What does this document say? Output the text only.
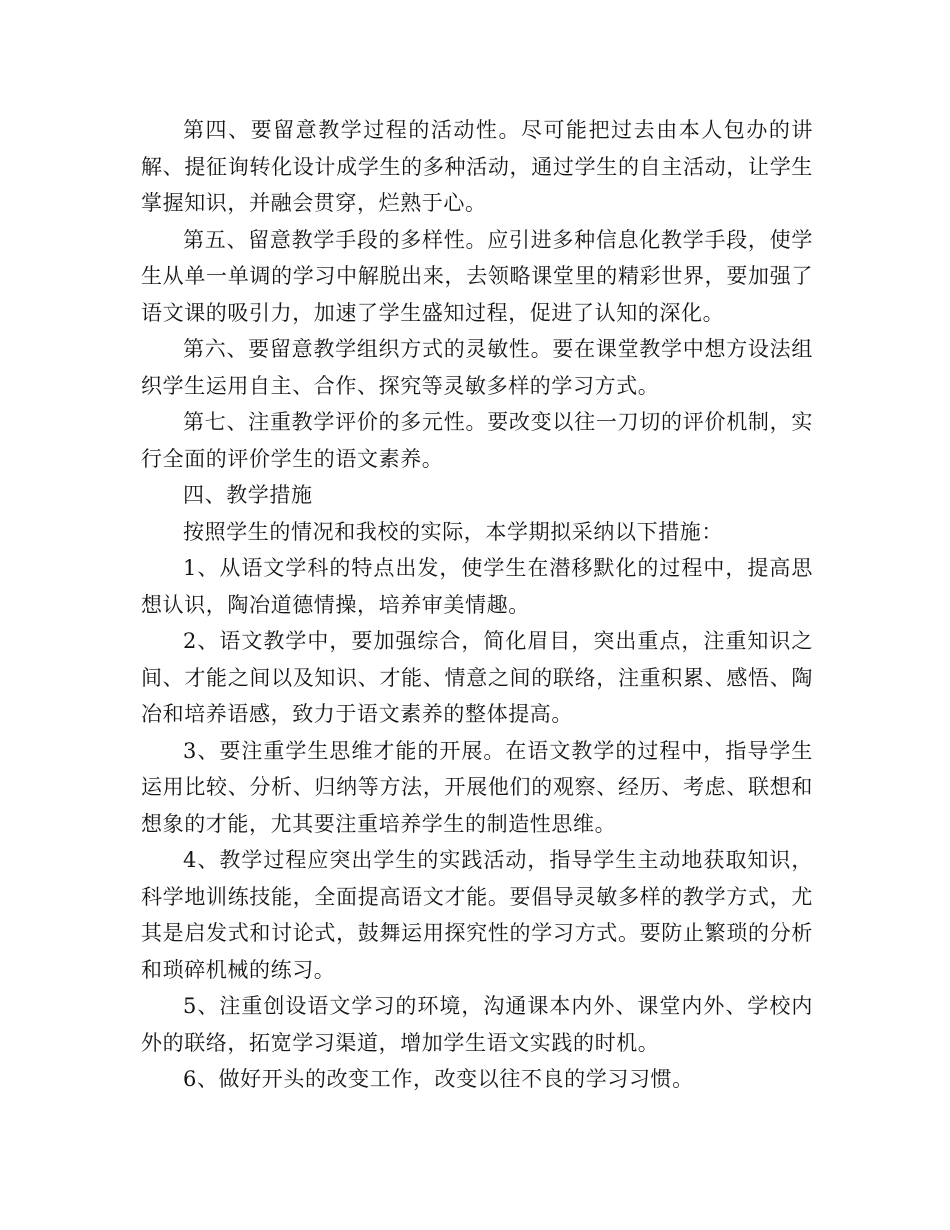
第四、要留意教学过程的活动性。尽可能把过去由本人包办的讲解、提征询转化设计成学生的多种活动，通过学生的自主活动，让学生掌握知识，并融会贯穿，烂熟于心。

第五、留意教学手段的多样性。应引进多种信息化教学手段，使学生从单一单调的学习中解脱出来，去领略课堂里的精彩世界，要加强了语文课的吸引力，加速了学生盛知过程，促进了认知的深化。

第六、要留意教学组织方式的灵敏性。要在课堂教学中想方设法组织学生运用自主、合作、探究等灵敏多样的学习方式。

第七、注重教学评价的多元性。要改变以往一刀切的评价机制，实行全面的评价学生的语文素养。

四、教学措施

按照学生的情况和我校的实际，本学期拟采纳以下措施：

1、从语文学科的特点出发，使学生在潜移默化的过程中，提高思想认识，陶冶道德情操，培养审美情趣。

2、语文教学中，要加强综合，简化眉目，突出重点，注重知识之间、才能之间以及知识、才能、情意之间的联络，注重积累、感悟、陶冶和培养语感，致力于语文素养的整体提高。

3、要注重学生思维才能的开展。在语文教学的过程中，指导学生运用比较、分析、归纳等方法，开展他们的观察、经历、考虑、联想和想象的才能，尤其要注重培养学生的制造性思维。

4、教学过程应突出学生的实践活动，指导学生主动地获取知识，科学地训练技能，全面提高语文才能。要倡导灵敏多样的教学方式，尤其是启发式和讨论式，鼓舞运用探究性的学习方式。要防止繁琐的分析和琐碎机械的练习。

5、注重创设语文学习的环境，沟通课本内外、课堂内外、学校内外的联络，拓宽学习渠道，增加学生语文实践的时机。

6、做好开头的改变工作，改变以往不良的学习习惯。
